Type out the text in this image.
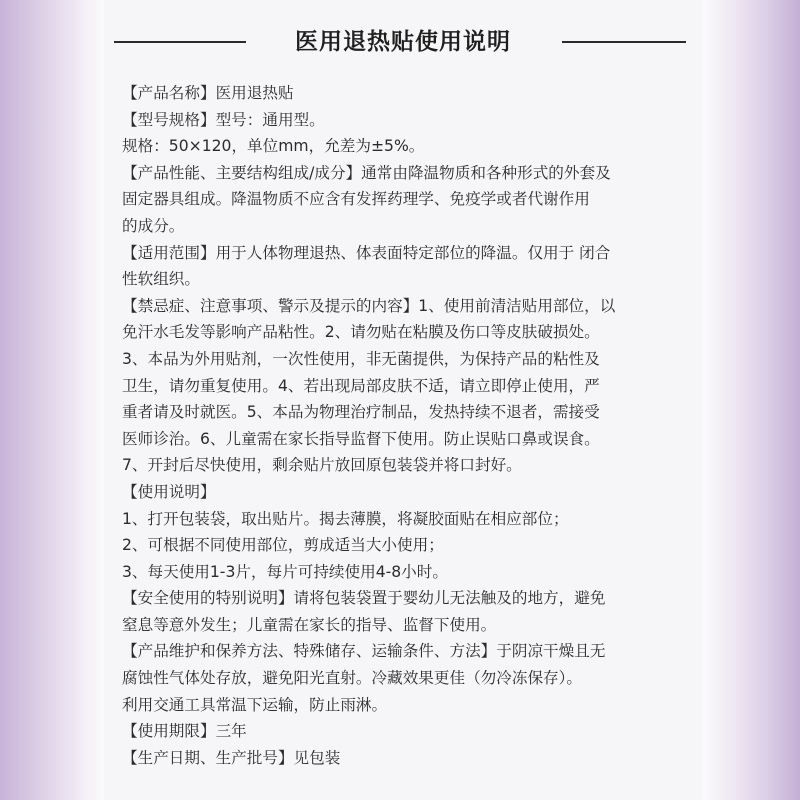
医用退热贴使用说明

【产品名称】医用退热贴

【型号规格】型号：通用型。

规格：50×120，单位mm，允差为±5%。

【产品性能、主要结构组成/成分】通常由降温物质和各种形式的外套及

固定器具组成。降温物质不应含有发挥药理学、免疫学或者代谢作用

的成分。

【适用范围】用于人体物理退热、体表面特定部位的降温。仅用于 闭合

性软组织。

【禁忌症、注意事项、警示及提示的内容】1、使用前清洁贴用部位，以

免汗水毛发等影响产品粘性。2、请勿贴在粘膜及伤口等皮肤破损处。

3、本品为外用贴剂，一次性使用，非无菌提供，为保持产品的粘性及

卫生，请勿重复使用。4、若出现局部皮肤不适，请立即停止使用，严

重者请及时就医。5、本品为物理治疗制品，发热持续不退者，需接受

医师诊治。6、儿童需在家长指导监督下使用。防止误贴口鼻或误食。

7、开封后尽快使用，剩余贴片放回原包装袋并将口封好。

【使用说明】

1、打开包装袋，取出贴片。揭去薄膜，将凝胶面贴在相应部位；

2、可根据不同使用部位，剪成适当大小使用；

3、每天使用1-3片，每片可持续使用4-8小时。

【安全使用的特别说明】请将包装袋置于婴幼儿无法触及的地方，避免

窒息等意外发生；儿童需在家长的指导、监督下使用。

【产品维护和保养方法、特殊储存、运输条件、方法】于阴凉干燥且无

腐蚀性气体处存放，避免阳光直射。冷藏效果更佳（勿冷冻保存）。

利用交通工具常温下运输，防止雨淋。

【使用期限】三年

【生产日期、生产批号】见包装
